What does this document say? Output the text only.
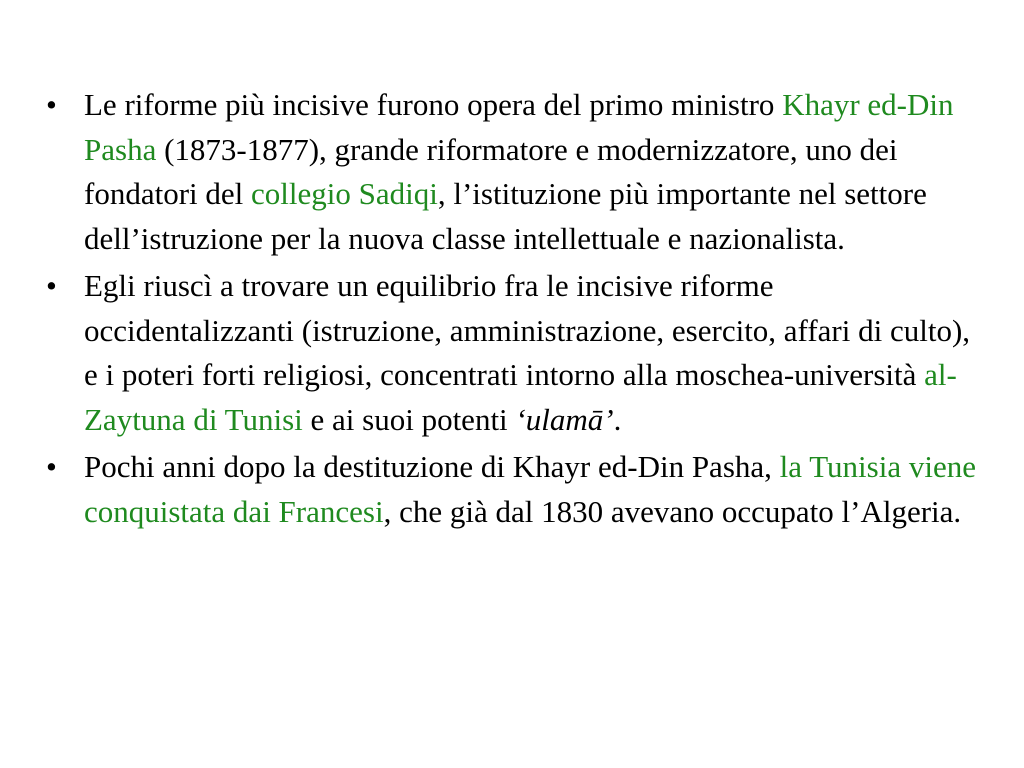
• Le riforme più incisive furono opera del primo ministro Khayr ed-Din Pasha (1873-1877), grande riformatore e modernizzatore, uno dei fondatori del collegio Sadiqi, l’istituzione più importante nel settore dell’istruzione per la nuova classe intellettuale e nazionalista.
• Egli riuscì a trovare un equilibrio fra le incisive riforme occidentalizzanti (istruzione, amministrazione, esercito, affari di culto), e i poteri forti religiosi, concentrati intorno alla moschea-università al-Zaytuna di Tunisi e ai suoi potenti ‘ulamā’.
• Pochi anni dopo la destituzione di Khayr ed-Din Pasha, la Tunisia viene conquistata dai Francesi, che già dal 1830 avevano occupato l’Algeria.
